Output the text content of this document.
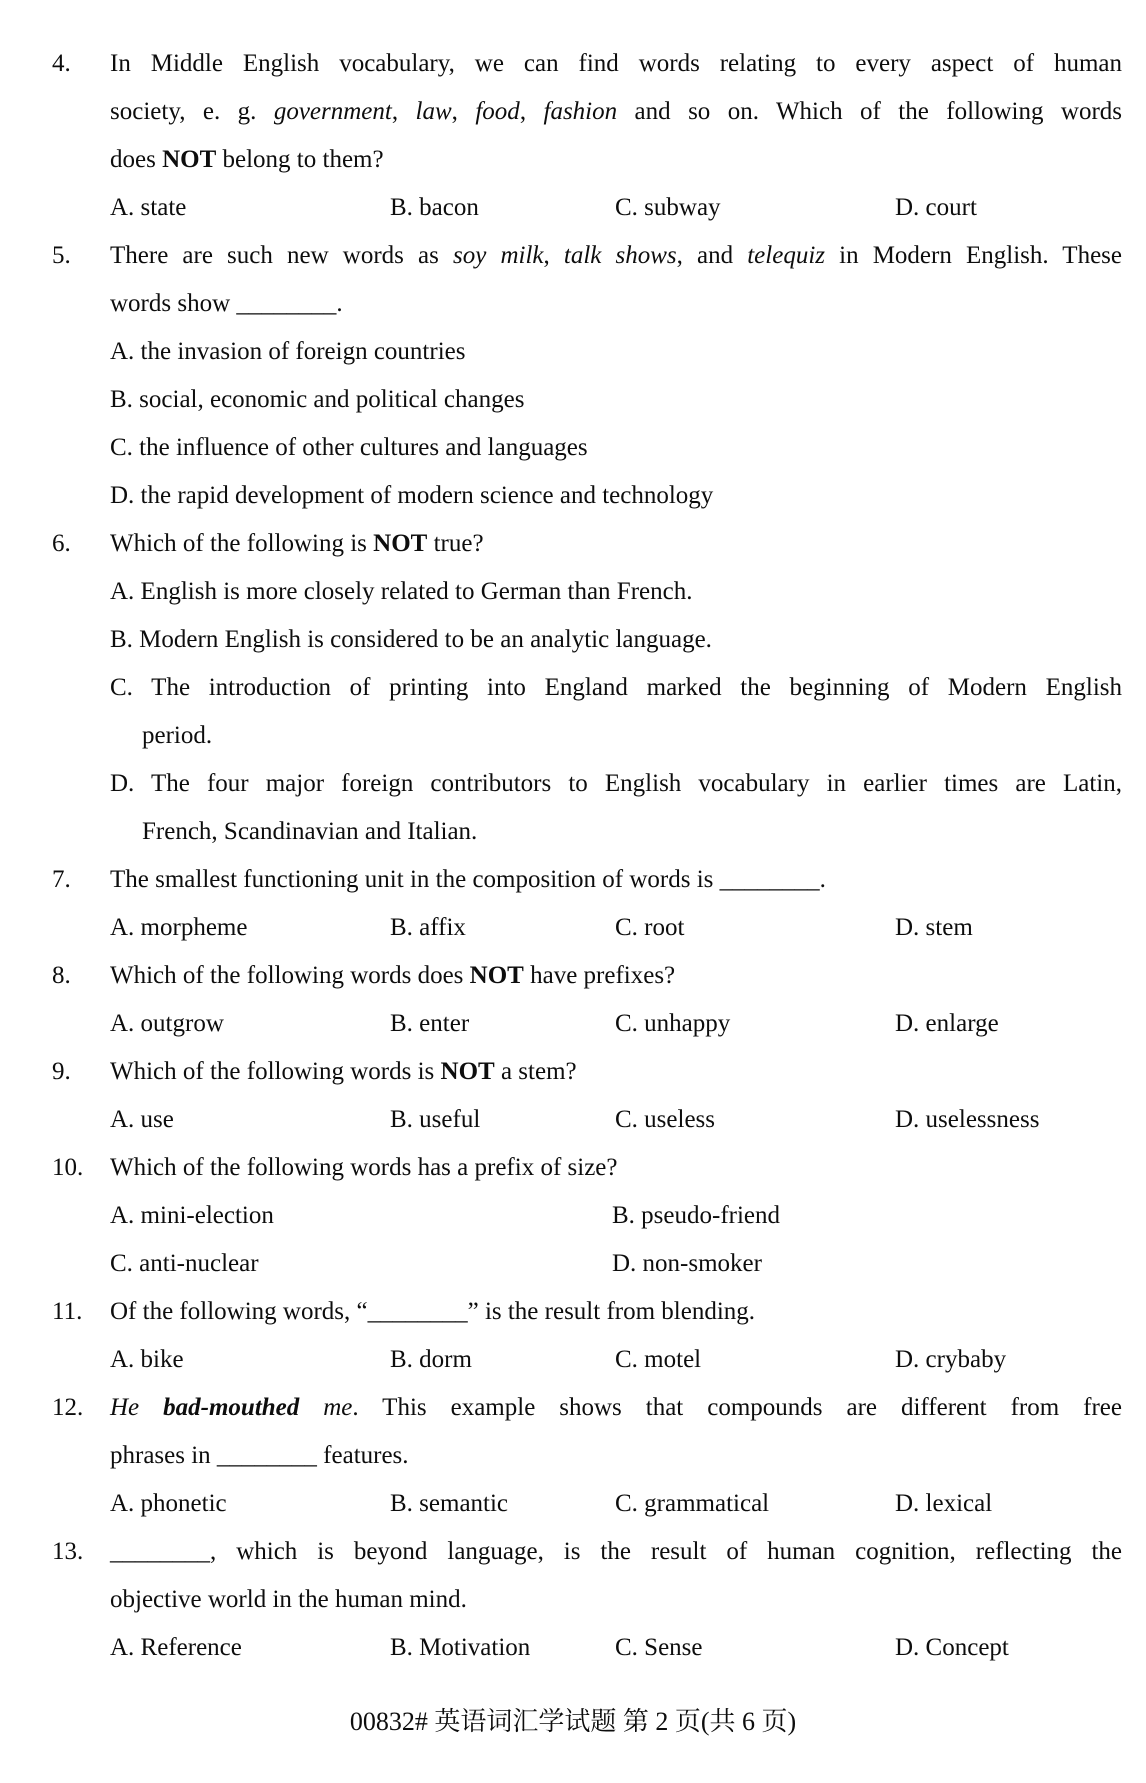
4.	In Middle English vocabulary, we can find words relating to every aspect of human
society, e. g. government, law, food, fashion and so on. Which of the following words
does NOT belong to them?
A. state	B. bacon	C. subway	D. court
5.	There are such new words as soy milk, talk shows, and telequiz in Modern English. These
words show ________.
A. the invasion of foreign countries
B. social, economic and political changes
C. the influence of other cultures and languages
D. the rapid development of modern science and technology
6.	Which of the following is NOT true?
A. English is more closely related to German than French.
B. Modern English is considered to be an analytic language.
C. The introduction of printing into England marked the beginning of Modern English
period.
D. The four major foreign contributors to English vocabulary in earlier times are Latin,
French, Scandinavian and Italian.
7.	The smallest functioning unit in the composition of words is ________.
A. morpheme	B. affix	C. root	D. stem
8.	Which of the following words does NOT have prefixes?
A. outgrow	B. enter	C. unhappy	D. enlarge
9.	Which of the following words is NOT a stem?
A. use	B. useful	C. useless	D. uselessness
10.	Which of the following words has a prefix of size?
A. mini-election	B. pseudo-friend
C. anti-nuclear	D. non-smoker
11.	Of the following words, “________” is the result from blending.
A. bike	B. dorm	C. motel	D. crybaby
12.	He bad-mouthed me. This example shows that compounds are different from free
phrases in ________ features.
A. phonetic	B. semantic	C. grammatical	D. lexical
13.	________, which is beyond language, is the result of human cognition, reflecting the
objective world in the human mind.
A. Reference	B. Motivation	C. Sense	D. Concept
00832# 英语词汇学试题 第 2 页(共 6 页)
